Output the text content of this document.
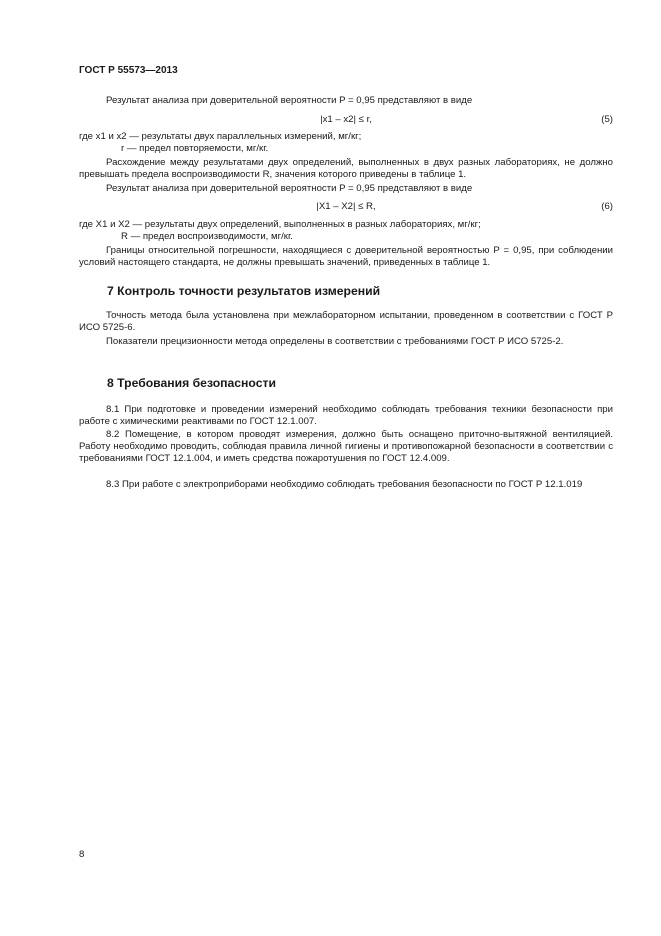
ГОСТ Р 55573—2013
Результат анализа при доверительной вероятности P = 0,95 представляют в виде
|x1 – x2| ≤ r,	(5)
где x1 и x2 — результаты двух параллельных измерений, мг/кг;
r — предел повторяемости, мг/кг.
Расхождение между результатами двух определений, выполненных в двух разных лабораториях, не должно превышать предела воспроизводимости R, значения которого приведены в таблице 1.
Результат анализа при доверительной вероятности P = 0,95 представляют в виде
|X1 – X2| ≤ R,	(6)
где X1 и X2 — результаты двух определений, выполненных в разных лабораториях, мг/кг;
R — предел воспроизводимости, мг/кг.
Границы относительной погрешности, находящиеся с доверительной вероятностью P = 0,95, при соблюдении условий настоящего стандарта, не должны превышать значений, приведенных в таблице 1.
7 Контроль точности результатов измерений
Точность метода была установлена при межлабораторном испытании, проведенном в соответствии с ГОСТ Р ИСО 5725-6.
Показатели прецизионности метода определены в соответствии с требованиями ГОСТ Р ИСО 5725-2.
8 Требования безопасности
8.1 При подготовке и проведении измерений необходимо соблюдать требования техники безопасности при работе с химическими реактивами по ГОСТ 12.1.007.
8.2 Помещение, в котором проводят измерения, должно быть оснащено приточно-вытяжной вентиляцией. Работу необходимо проводить, соблюдая правила личной гигиены и противопожарной безопасности в соответствии с требованиями ГОСТ 12.1.004, и иметь средства пожаротушения по ГОСТ 12.4.009.
8.3 При работе с электроприборами необходимо соблюдать требования безопасности по ГОСТ Р 12.1.019
8
